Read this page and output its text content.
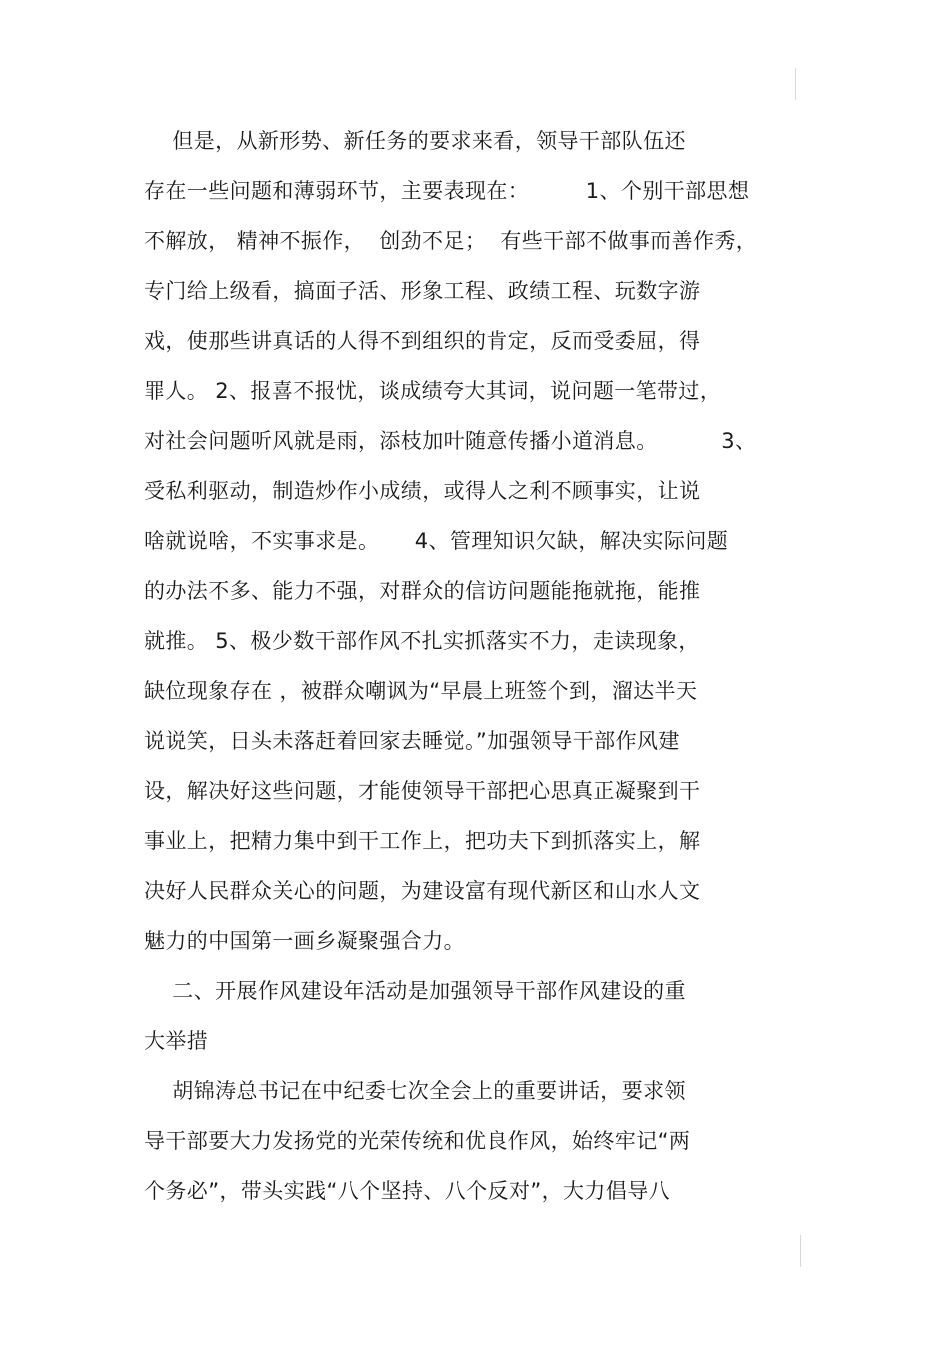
但是，从新形势、新任务的要求来看，领导干部队伍还
存在一些问题和薄弱环节，主要表现在：        1、个别干部思想
不解放， 精神不振作，  创劲不足；  有些干部不做事而善作秀，
专门给上级看，搞面子活、形象工程、政绩工程、玩数字游
戏，使那些讲真话的人得不到组织的肯定，反而受委屈，得
罪人。 2、报喜不报忧，谈成绩夸大其词，说问题一笔带过，
对社会问题听风就是雨，添枝加叶随意传播小道消息。         3、
受私利驱动，制造炒作小成绩，或得人之利不顾事实，让说
啥就说啥，不实事求是。     4、管理知识欠缺，解决实际问题
的办法不多、能力不强，对群众的信访问题能拖就拖，能推
就推。 5、极少数干部作风不扎实抓落实不力，走读现象，
缺位现象存在 ，被群众嘲讽为“早晨上班签个到，溜达半天
说说笑，日头未落赶着回家去睡觉。”加强领导干部作风建
设，解决好这些问题，才能使领导干部把心思真正凝聚到干
事业上，把精力集中到干工作上，把功夫下到抓落实上，解
决好人民群众关心的问题，为建设富有现代新区和山水人文
魅力的中国第一画乡凝聚强合力。
二、开展作风建设年活动是加强领导干部作风建设的重
大举措
胡锦涛总书记在中纪委七次全会上的重要讲话，要求领
导干部要大力发扬党的光荣传统和优良作风，始终牢记“两
个务必”，带头实践“八个坚持、八个反对”，大力倡导八
